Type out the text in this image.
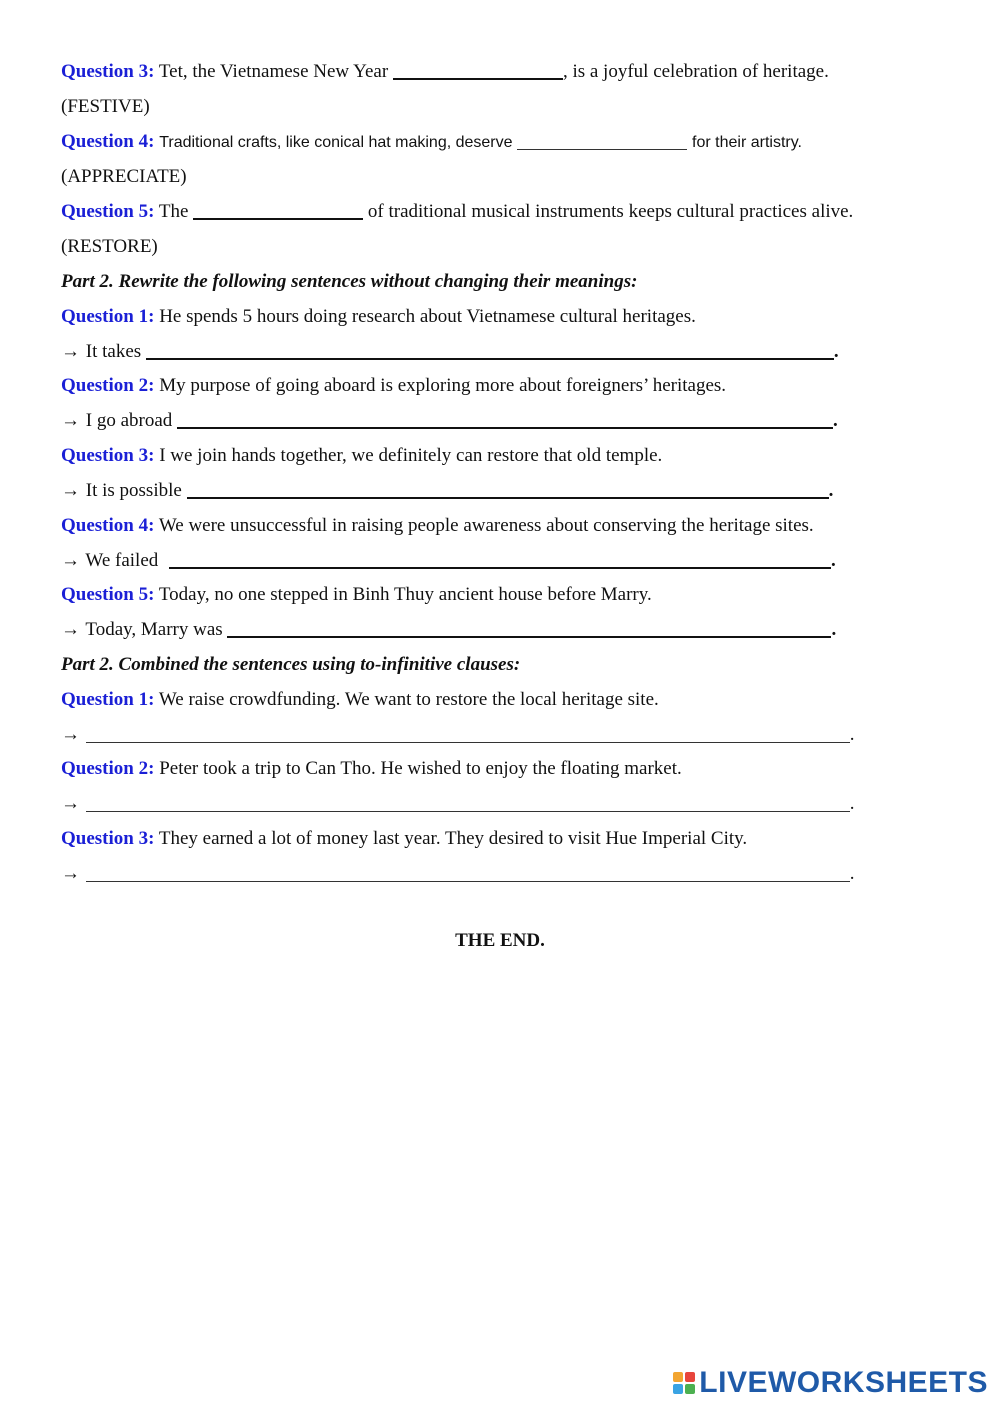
Question 3: Tet, the Vietnamese New Year	, is a joyful celebration of heritage.
(FESTIVE)
Question 4: Traditional crafts, like conical hat making, deserve	for their artistry.
(APPRECIATE)
Question 5: The	of traditional musical instruments keeps cultural practices alive.
(RESTORE)
Part 2. Rewrite the following sentences without changing their meanings:
Question 1: He spends 5 hours doing research about Vietnamese cultural heritages.
→ It takes	.
Question 2: My purpose of going aboard is exploring more about foreigners’ heritages.
→ I go abroad	.
Question 3: I we join hands together, we definitely can restore that old temple.
→ It is possible	.
Question 4: We were unsuccessful in raising people awareness about conserving the heritage sites.
→ We failed	.
Question 5: Today, no one stepped in Binh Thuy ancient house before Marry.
→ Today, Marry was	.
Part 2. Combined the sentences using to-infinitive clauses:
Question 1: We raise crowdfunding. We want to restore the local heritage site.
→	.
Question 2: Peter took a trip to Can Tho. He wished to enjoy the floating market.
→	.
Question 3: They earned a lot of money last year. They desired to visit Hue Imperial City.
→	.
THE END.
LIVEWORKSHEETS
